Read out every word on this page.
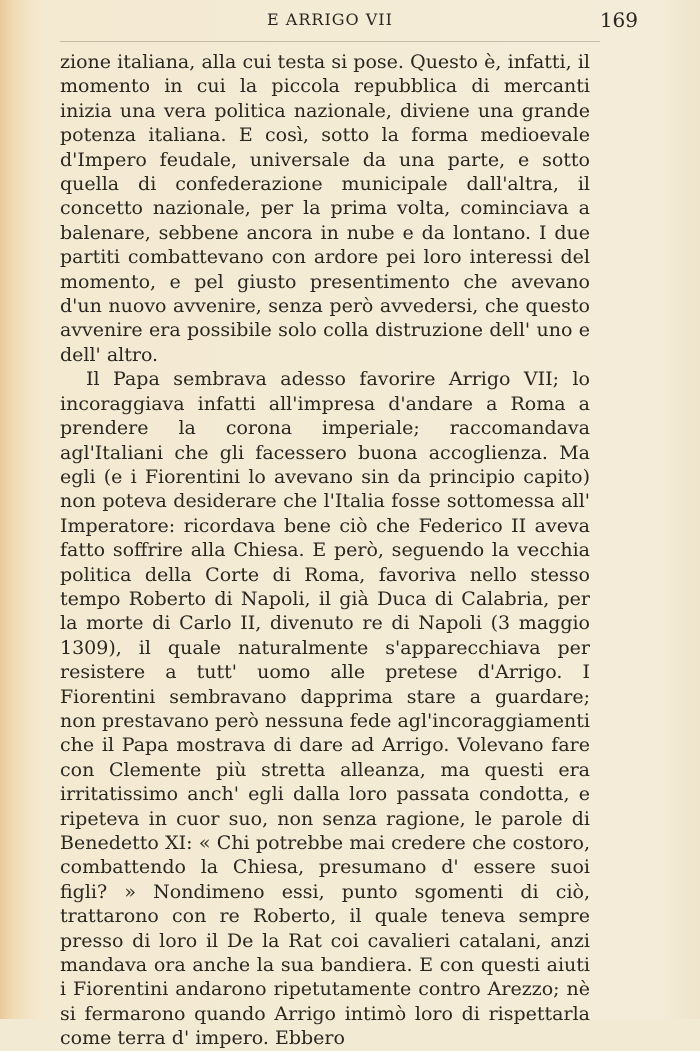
E ARRIGO VII	169

zione italiana, alla cui testa si pose. Questo è, infatti, il momento in cui la piccola repubblica di mercanti inizia una vera politica nazionale, diviene una grande potenza italiana. E così, sotto la forma medioevale d'Impero feudale, universale da una parte, e sotto quella di confederazione municipale dall'altra, il concetto nazionale, per la prima volta, cominciava a balenare, sebbene ancora in nube e da lontano. I due partiti combattevano con ardore pei loro interessi del momento, e pel giusto presentimento che avevano d'un nuovo avvenire, senza però avvedersi, che questo avvenire era possibile solo colla distruzione dell' uno e dell' altro.

Il Papa sembrava adesso favorire Arrigo VII; lo incoraggiava infatti all'impresa d'andare a Roma a prendere la corona imperiale; raccomandava agl'Italiani che gli facessero buona accoglienza. Ma egli (e i Fiorentini lo avevano sin da principio capito) non poteva desiderare che l'Italia fosse sottomessa all' Imperatore: ricordava bene ciò che Federico II aveva fatto soffrire alla Chiesa. E però, seguendo la vecchia politica della Corte di Roma, favoriva nello stesso tempo Roberto di Napoli, il già Duca di Calabria, per la morte di Carlo II, divenuto re di Napoli (3 maggio 1309), il quale naturalmente s'apparecchiava per resistere a tutt' uomo alle pretese d'Arrigo. I Fiorentini sembravano dapprima stare a guardare; non prestavano però nessuna fede agl'incoraggiamenti che il Papa mostrava di dare ad Arrigo. Volevano fare con Clemente più stretta alleanza, ma questi era irritatissimo anch' egli dalla loro passata condotta, e ripeteva in cuor suo, non senza ragione, le parole di Benedetto XI: « Chi potrebbe mai credere che costoro, combattendo la Chiesa, presumano d' essere suoi figli? » Nondimeno essi, punto sgomenti di ciò, trattarono con re Roberto, il quale teneva sempre presso di loro il De la Rat coi cavalieri catalani, anzi mandava ora anche la sua bandiera. E con questi aiuti i Fiorentini andarono ripetutamente contro Arezzo; nè si fermarono quando Arrigo intimò loro di rispettarla come terra d' impero. Ebbero
